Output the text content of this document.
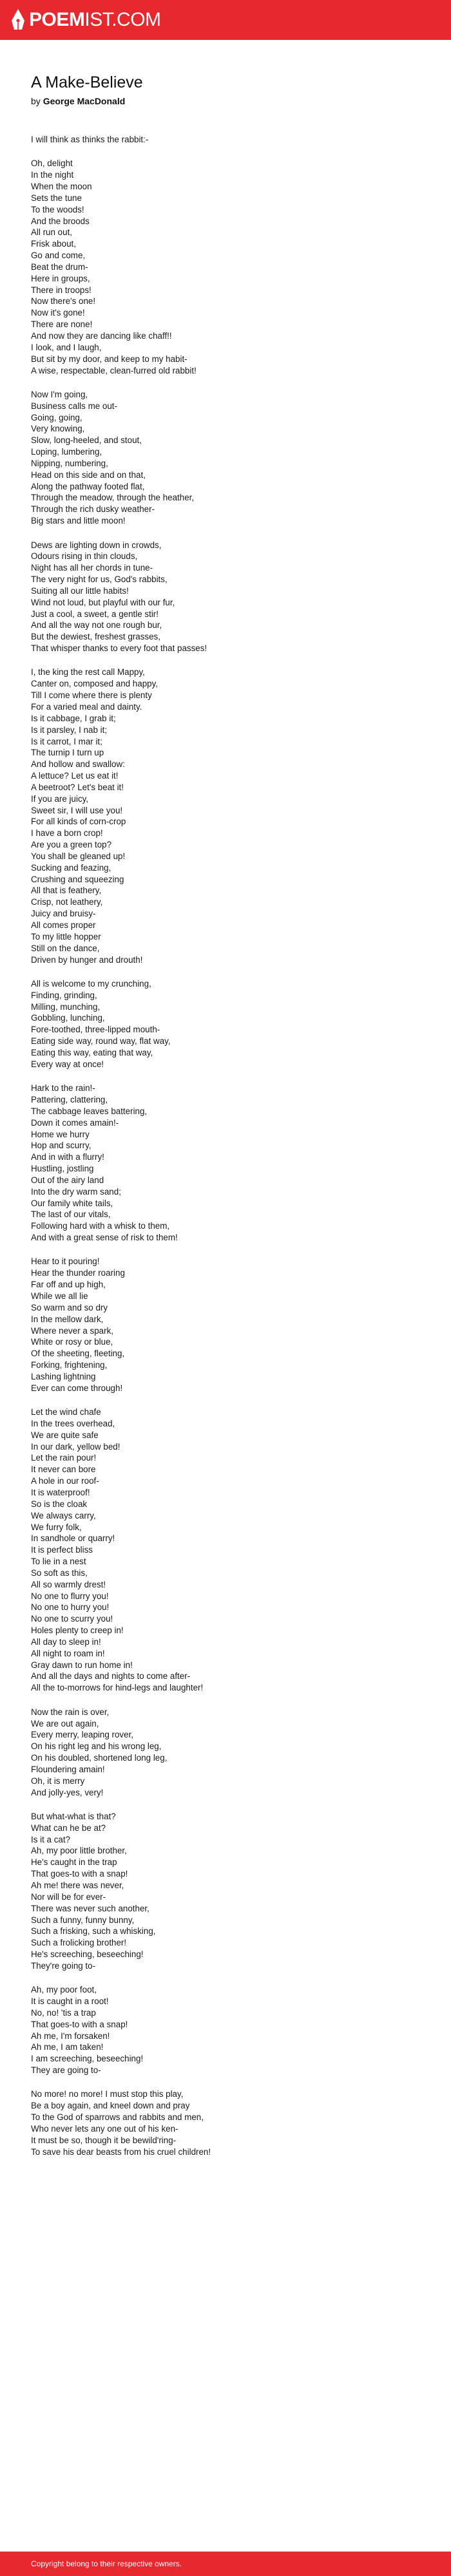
POEMIST.COM
A Make-Believe
by George MacDonald
I will think as thinks the rabbit:-
Oh, delight
In the night
When the moon
Sets the tune
To the woods!
And the broods
All run out,
Frisk about,
Go and come,
Beat the drum-
Here in groups,
There in troops!
Now there's one!
Now it's gone!
There are none!
And now they are dancing like chaff!!
I look, and I laugh,
But sit by my door, and keep to my habit-
A wise, respectable, clean-furred old rabbit!
Now I'm going,
Business calls me out-
Going, going,
Very knowing,
Slow, long-heeled, and stout,
Loping, lumbering,
Nipping, numbering,
Head on this side and on that,
Along the pathway footed flat,
Through the meadow, through the heather,
Through the rich dusky weather-
Big stars and little moon!
Dews are lighting down in crowds,
Odours rising in thin clouds,
Night has all her chords in tune-
The very night for us, God's rabbits,
Suiting all our little habits!
Wind not loud, but playful with our fur,
Just a cool, a sweet, a gentle stir!
And all the way not one rough bur,
But the dewiest, freshest grasses,
That whisper thanks to every foot that passes!
I, the king the rest call Mappy,
Canter on, composed and happy,
Till I come where there is plenty
For a varied meal and dainty.
Is it cabbage, I grab it;
Is it parsley, I nab it;
Is it carrot, I mar it;
The turnip I turn up
And hollow and swallow:
A lettuce? Let us eat it!
A beetroot? Let's beat it!
If you are juicy,
Sweet sir, I will use you!
For all kinds of corn-crop
I have a born crop!
Are you a green top?
You shall be gleaned up!
Sucking and feazing,
Crushing and squeezing
All that is feathery,
Crisp, not leathery,
Juicy and bruisy-
All comes proper
To my little hopper
Still on the dance,
Driven by hunger and drouth!
All is welcome to my crunching,
Finding, grinding,
Milling, munching,
Gobbling, lunching,
Fore-toothed, three-lipped mouth-
Eating side way, round way, flat way,
Eating this way, eating that way,
Every way at once!
Hark to the rain!-
Pattering, clattering,
The cabbage leaves battering,
Down it comes amain!-
Home we hurry
Hop and scurry,
And in with a flurry!
Hustling, jostling
Out of the airy land
Into the dry warm sand;
Our family white tails,
The last of our vitals,
Following hard with a whisk to them,
And with a great sense of risk to them!
Hear to it pouring!
Hear the thunder roaring
Far off and up high,
While we all lie
So warm and so dry
In the mellow dark,
Where never a spark,
White or rosy or blue,
Of the sheeting, fleeting,
Forking, frightening,
Lashing lightning
Ever can come through!
Let the wind chafe
In the trees overhead,
We are quite safe
In our dark, yellow bed!
Let the rain pour!
It never can bore
A hole in our roof-
It is waterproof!
So is the cloak
We always carry,
We furry folk,
In sandhole or quarry!
It is perfect bliss
To lie in a nest
So soft as this,
All so warmly drest!
No one to flurry you!
No one to hurry you!
No one to scurry you!
Holes plenty to creep in!
All day to sleep in!
All night to roam in!
Gray dawn to run home in!
And all the days and nights to come after-
All the to-morrows for hind-legs and laughter!
Now the rain is over,
We are out again,
Every merry, leaping rover,
On his right leg and his wrong leg,
On his doubled, shortened long leg,
Floundering amain!
Oh, it is merry
And jolly-yes, very!
But what-what is that?
What can he be at?
Is it a cat?
Ah, my poor little brother,
He's caught in the trap
That goes-to with a snap!
Ah me! there was never,
Nor will be for ever-
There was never such another,
Such a funny, funny bunny,
Such a frisking, such a whisking,
Such a frolicking brother!
He's screeching, beseeching!
They're going to-
Ah, my poor foot,
It is caught in a root!
No, no! 'tis a trap
That goes-to with a snap!
Ah me, I'm forsaken!
Ah me, I am taken!
I am screeching, beseeching!
They are going to-
No more! no more! I must stop this play,
Be a boy again, and kneel down and pray
To the God of sparrows and rabbits and men,
Who never lets any one out of his ken-
It must be so, though it be bewild'ring-
To save his dear beasts from his cruel children!
Copyright belong to their respective owners.
